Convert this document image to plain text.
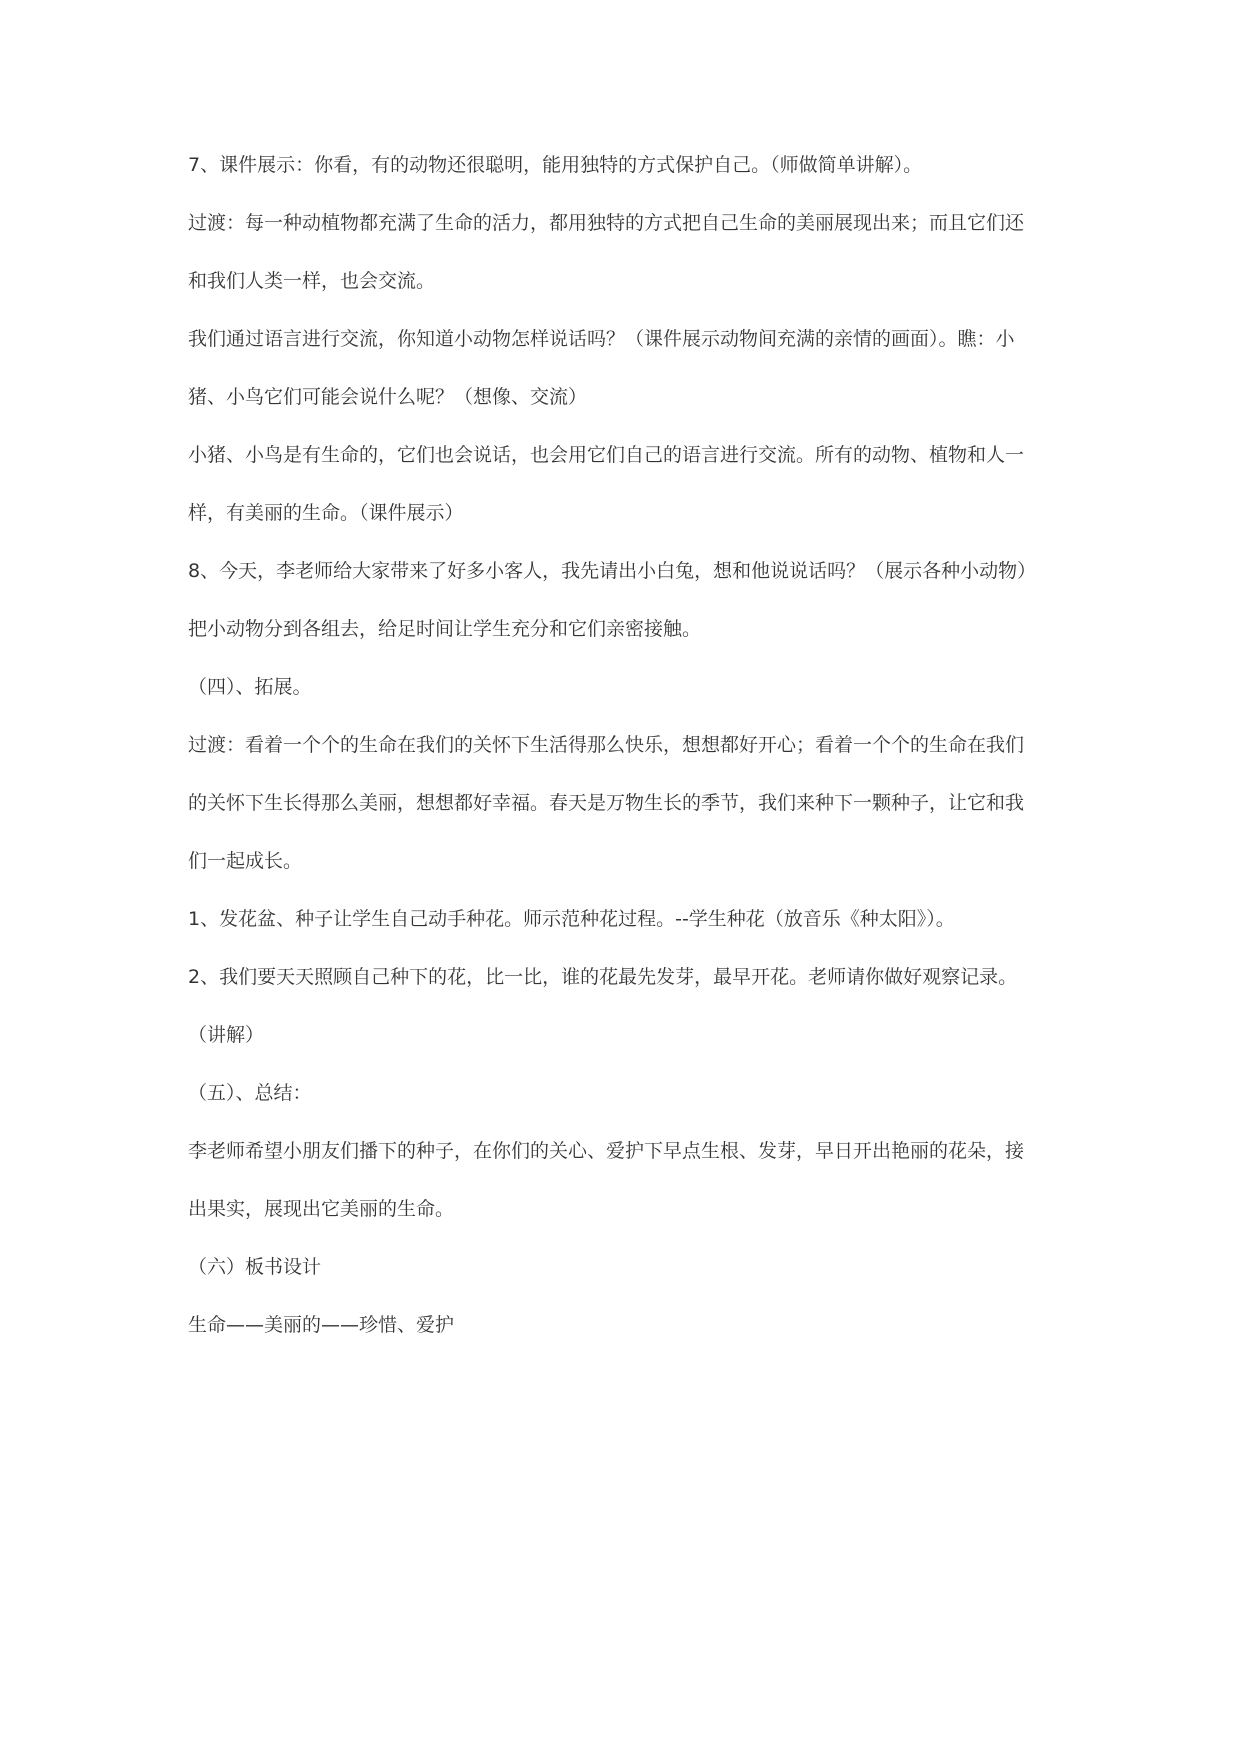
7、课件展示：你看，有的动物还很聪明，能用独特的方式保护自己。（师做简单讲解）。
过渡：每一种动植物都充满了生命的活力，都用独特的方式把自己生命的美丽展现出来；而且它们还
和我们人类一样，也会交流。
我们通过语言进行交流，你知道小动物怎样说话吗？（课件展示动物间充满的亲情的画面）。瞧：小
猪、小鸟它们可能会说什么呢？（想像、交流）
小猪、小鸟是有生命的，它们也会说话，也会用它们自己的语言进行交流。所有的动物、植物和人一
样，有美丽的生命。（课件展示）
8、今天，李老师给大家带来了好多小客人，我先请出小白兔，想和他说说话吗？（展示各种小动物）
把小动物分到各组去，给足时间让学生充分和它们亲密接触。
（四）、拓展。
过渡：看着一个个的生命在我们的关怀下生活得那么快乐，想想都好开心；看着一个个的生命在我们
的关怀下生长得那么美丽，想想都好幸福。春天是万物生长的季节，我们来种下一颗种子，让它和我
们一起成长。
1、发花盆、种子让学生自己动手种花。师示范种花过程。--学生种花（放音乐《种太阳》）。
2、我们要天天照顾自己种下的花，比一比，谁的花最先发芽，最早开花。老师请你做好观察记录。
（讲解）
（五）、总结：
李老师希望小朋友们播下的种子，在你们的关心、爱护下早点生根、发芽，早日开出艳丽的花朵，接
出果实，展现出它美丽的生命。
（六）板书设计
生命——美丽的——珍惜、爱护
